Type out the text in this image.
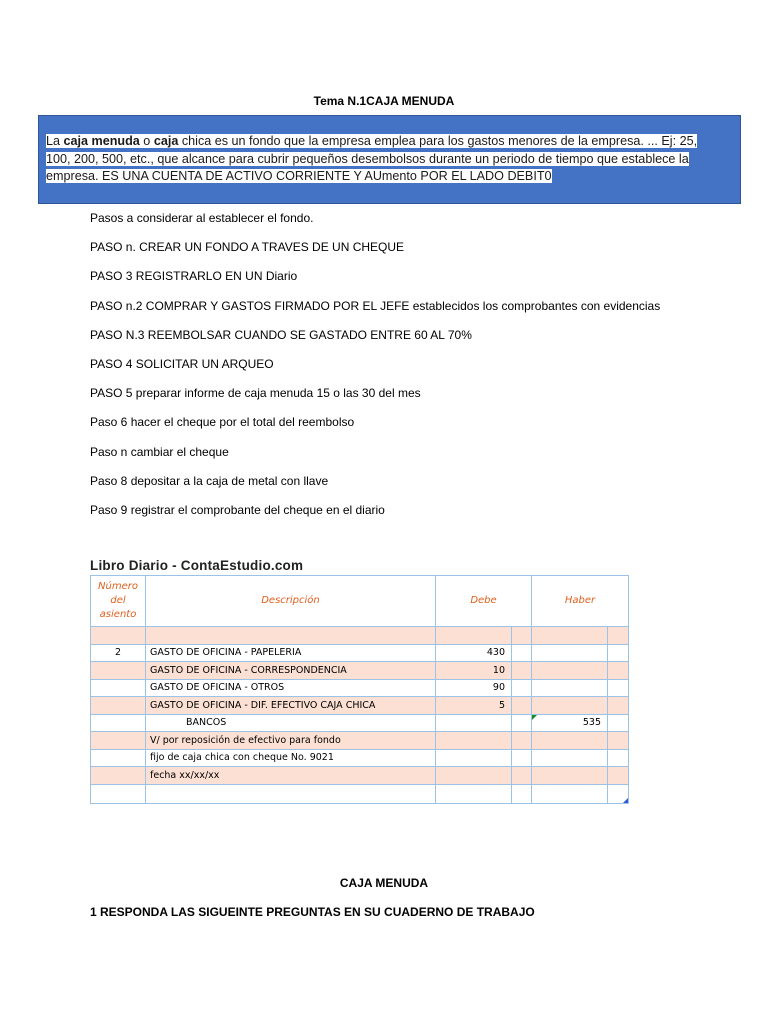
Tema N.1CAJA MENUDA
La caja menuda o caja chica es un fondo que la empresa emplea para los gastos menores de la empresa. ... Ej: 25, 100, 200, 500, etc., que alcance para cubrir pequeños desembolsos durante un periodo de tiempo que establece la empresa. ES UNA CUENTA DE ACTIVO CORRIENTE Y AUmento POR EL LADO DEBIT0
Pasos a considerar al establecer el fondo.
PASO n. CREAR UN FONDO A TRAVES DE UN CHEQUE
PASO 3 REGISTRARLO EN UN Diario
PASO n.2 COMPRAR Y GASTOS FIRMADO POR EL JEFE establecidos los comprobantes con evidencias
PASO N.3 REEMBOLSAR CUANDO SE GASTADO ENTRE 60 AL 70%
PASO 4 SOLICITAR UN ARQUEO
PASO 5 preparar informe de caja menuda 15 o las 30 del mes
Paso 6 hacer el cheque por el total del reembolso
Paso n cambiar el cheque
Paso 8 depositar a la caja de metal con llave
Paso 9 registrar el comprobante del cheque en el diario
Libro Diario - ContaEstudio.com
Número del asiento	Descripción	Debe		Haber	

2	GASTO DE OFICINA - PAPELERIA	430			
	GASTO DE OFICINA - CORRESPONDENCIA	10			
	GASTO DE OFICINA - OTROS	90			
	GASTO DE OFICINA - DIF. EFECTIVO CAJA CHICA	5			
	BANCOS			535	
	V/ por reposición de efectivo para fondo				
	fijo de caja chica con cheque No. 9021				
	fecha xx/xx/xx				

CAJA MENUDA
1 RESPONDA LAS SIGUEINTE PREGUNTAS EN SU CUADERNO DE TRABAJO
